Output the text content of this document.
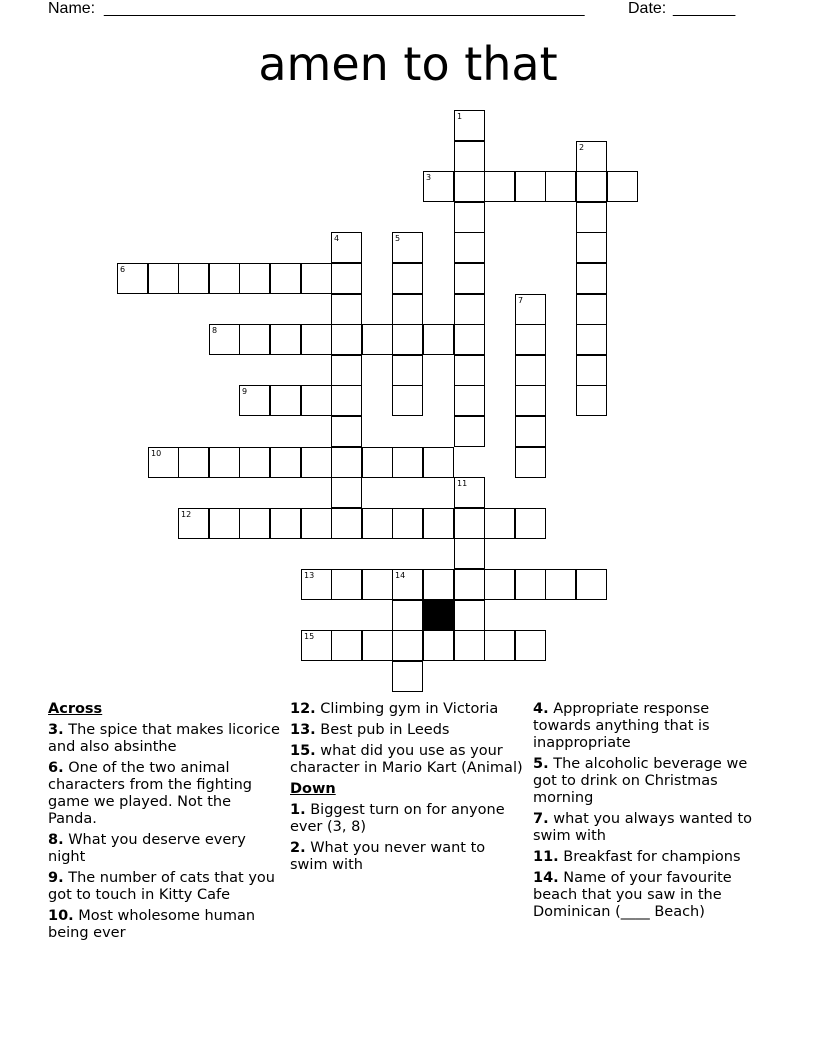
Name: ______________________________________________________	Date: _______
amen to that
1
2
3
4	5
6
7
8
9
10
11
12
13	14
15
Across
3. The spice that makes licorice and also absinthe
6. One of the two animal characters from the fighting game we played. Not the Panda.
8. What you deserve every night
9. The number of cats that you got to touch in Kitty Cafe
10. Most wholesome human being ever
12. Climbing gym in Victoria
13. Best pub in Leeds
15. what did you use as your character in Mario Kart (Animal)
Down
1. Biggest turn on for anyone ever (3, 8)
2. What you never want to swim with
4. Appropriate response towards anything that is inappropriate
5. The alcoholic beverage we got to drink on Christmas morning
7. what you always wanted to swim with
11. Breakfast for champions
14. Name of your favourite beach that you saw in the Dominican (____ Beach)
